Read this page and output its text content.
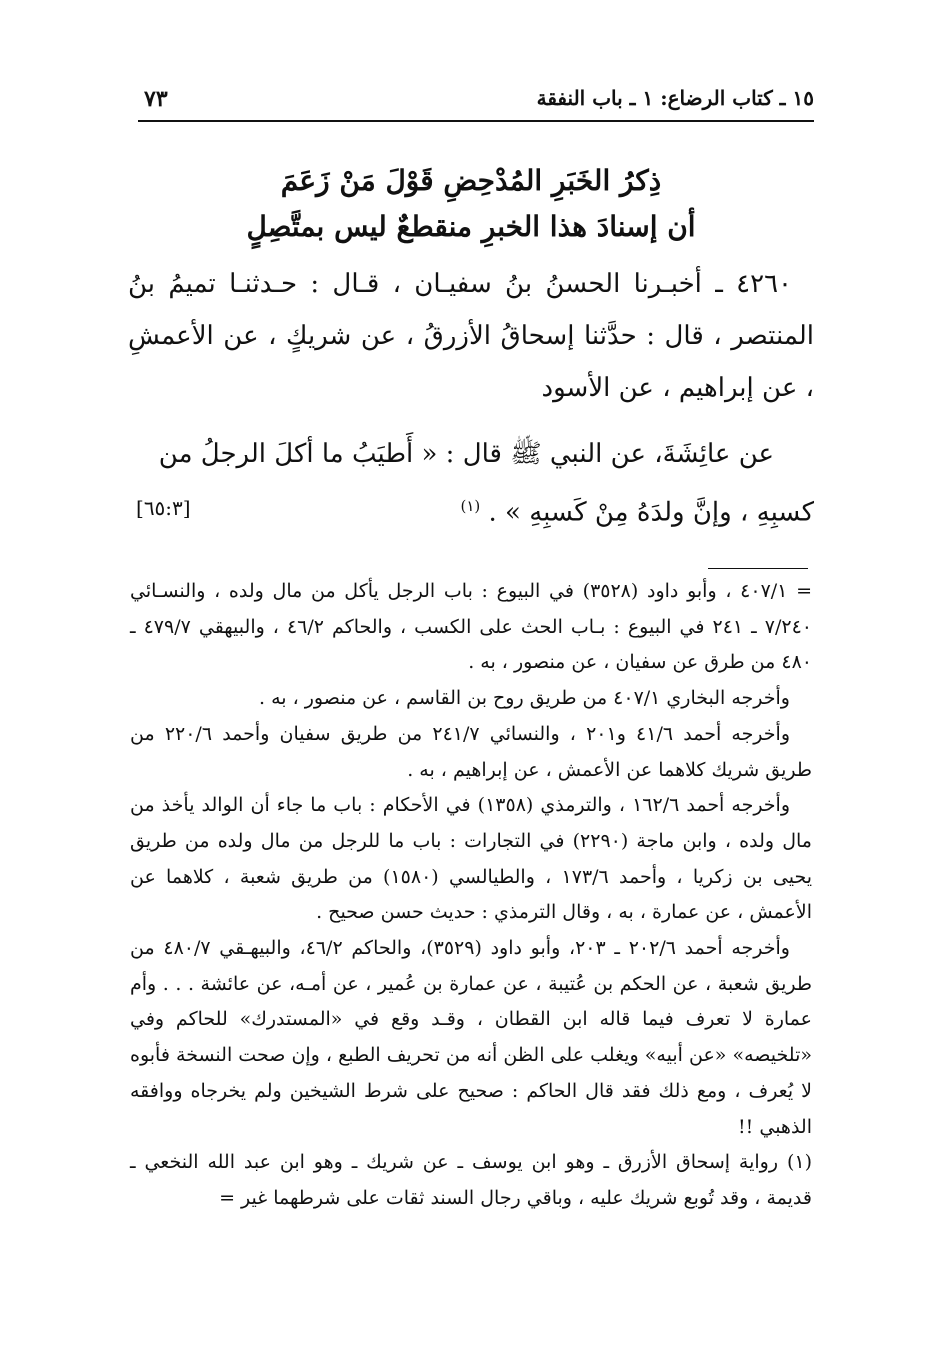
١٥ ـ كتاب الرضاع: ١ ـ باب النفقة
٧٣
ذِكرُ الخَبَرِ المُدْحِضِ قَوْلَ مَنْ زَعَمَ
أن إسنادَ هذا الخبرِ منقطعٌ ليس بمتَّصِلٍ

٤٢٦٠ ـ أخبـرنا الحسنُ بنُ سفيـان ، قـال : حـدثنـا تميمُ بنُ المنتصر ، قال : حدَّثنا إسحاقُ الأزرقُ ، عن شريكٍ ، عن الأعمشِ ، عن إبراهيم ، عن الأسود

عن عائِشَةَ، عن النبي ﷺ قال : « أَطيَبُ ما أكلَ الرجلُ من

كسبِهِ ، وإنَّ ولدَهُ مِنْ كَسبِهِ » . $^{(١)}$
[٦٥:٣]

= ٤٠٧/١ ، وأبو داود (٣٥٢٨) في البيوع : باب الرجل يأكل من مال ولده ، والنسـائي ٧/٢٤٠ ـ ٢٤١ في البيوع : بـاب الحث على الكسب ، والحاكم ٤٦/٢ ، والبيهقي ٤٧٩/٧ ـ ٤٨٠ من طرق عن سفيان ، عن منصور ، به .

وأخرجه البخاري ٤٠٧/١ من طريق روح بن القاسم ، عن منصور ، به .

وأخرجه أحمد ٤١/٦ و٢٠١ ، والنسائي ٢٤١/٧ من طريق سفيان وأحمد ٢٢٠/٦ من طريق شريك كلاهما عن الأعمش ، عن إبراهيم ، به .

وأخرجه أحمد ١٦٢/٦ ، والترمذي (١٣٥٨) في الأحكام : باب ما جاء أن الوالد يأخذ من مال ولده ، وابن ماجة (٢٢٩٠) في التجارات : باب ما للرجل من مال ولده من طريق يحيى بن زكريا ، وأحمد ١٧٣/٦ ، والطيالسي (١٥٨٠) من طريق شعبة ، كلاهما عن الأعمش ، عن عمارة ، به ، وقال الترمذي : حديث حسن صحيح .

وأخرجه أحمد ٢٠٢/٦ ـ ٢٠٣، وأبو داود (٣٥٢٩)، والحاكم ٤٦/٢، والبيهـقي ٤٨٠/٧ من طريق شعبة ، عن الحكم بن عُتيبة ، عن عمارة بن عُمير ، عن أمـه، عن عائشة . . . وأم عمارة لا تعرف فيما قاله ابن القطان ، وقـد وقع في «المستدرك» للحاكم وفي «تلخيصه» «عن أبيه» ويغلب على الظن أنه من تحريف الطبع ، وإن صحت النسخة فأبوه لا يُعرف ، ومع ذلك فقد قال الحاكم : صحيح على شرط الشيخين ولم يخرجاه ووافقه الذهبي !!

(١) رواية إسحاق الأزرق ـ وهو ابن يوسف ـ عن شريك ـ وهو ابن عبد الله النخعي ـ قديمة ، وقد تُوبع شريك عليه ، وباقي رجال السند ثقات على شرطهما غير =
